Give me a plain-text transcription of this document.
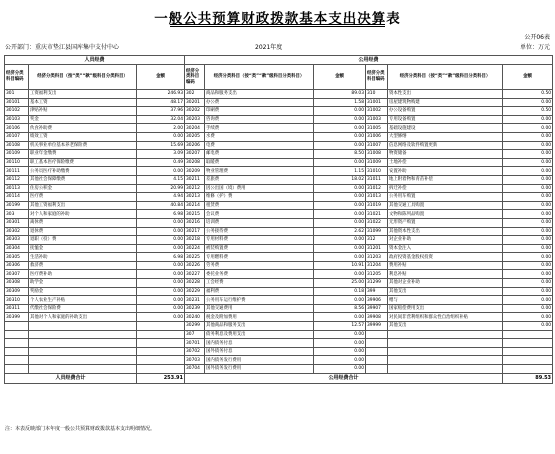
一般公共预算财政拨款基本支出决算表
公开06表
公开部门：重庆市垫江县国库集中支付中心	2021年度	单位：万元
人员经费			公用经费					
经济分类科目编码	经济分类科目（按“类”“款”级科目分类科目）	金额	经济分类科目编码	经济分类科目（按“类”“款”级科目分类科目）	金额	经济分类科目编码	经济分类科目（按“类”“款”级科目分类科目）	金额
301	工资福利支出	246.93	302	商品和服务支出	89.03	310	资本性支出	0.50
30101	基本工资	48.17	30201	办公费	1.58	31001	房屋建筑物购建	0.00
30102	津贴补贴	37.96	30202	印刷费	0.00	31002	办公设备购置	0.50
30103	奖金	32.04	30203	咨询费	0.00	31003	专用设备购置	0.00
30106	伙食补助费	2.00	30204	手续费	0.00	31005	基础设施建设	0.00
30107	绩效工资	0.00	30205	水费	0.00	31006	大型修缮	0.00
30108	机关事业单位基本养老保险费	15.69	30206	电费	0.00	31007	信息网络及软件购置更新	0.00
30109	职业年金缴费	3.09	30207	邮电费	8.50	31008	物资储备	0.00
30110	职工基本医疗保险缴费	0.49	30208	取暖费	0.00	31009	土地补偿	0.00
30111	公务员医疗补助缴费	0.00	30209	物业管理费	1.15	31010	安置补助	0.00
30112	其他社会保障缴费	4.15	30211	差旅费	18.02	31011	地上附着物和青苗补偿	0.00
30113	住房公积金	20.99	30212	因公出国（境）费用	0.00	31012	拆迁补偿	0.00
30114	医疗费	4.94	30213	维修（护）费	0.00	31013	公务用车购置	0.00
30199	其他工资福利支出	40.84	30214	租赁费	0.00	31019	其他交通工具购置	0.00
303	对个人和家庭的补助	6.98	30215	会议费	0.00	31021	文物和陈列品购置	0.00
30301	离休费	0.00	30216	培训费	0.00	31022	无形资产购置	0.00
30302	退休费	0.00	30217	公务接待费	2.62	31099	其他资本性支出	0.00
30303	退职（役）费	0.00	30218	专用材料费	0.00	312	对企业补助	0.00
30304	抚恤金	0.00	30224	被装购置费	0.00	31201	资本金注入	0.00
30305	生活补助	6.98	30225	专用燃料费	0.00	31203	政府投资基金股权投资	0.00
30306	救济费	0.00	30226	劳务费	10.91	31204	费用补贴	0.00
30307	医疗费补助	0.00	30227	委托业务费	0.00	31205	利息补贴	0.00
30308	助学金	0.00	30228	工会经费	25.00	31299	其他对企业补助	0.00
30309	奖励金	0.00	30229	福利费	0.18	399	其他支出	0.00
30310	个人农业生产补贴	0.00	30231	公务用车运行维护费	0.00	39906	赠与	0.00
30311	代缴社会保险费	0.00	30239	其他交通费用	8.56	39907	国家赔偿费用支出	0.00
30399	其他对个人和家庭的补助支出	0.00	30240	税金及附加费用	0.00	39908	对民间非营利组织和群众性自治组织补贴	0.00
			30299	其他商品和服务支出	12.57	39999	其他支出	0.00
			307	债务利息及费用支出	0.00			
			30701	国内债务付息	0.00			
			30702	国外债务付息	0.00			
			30703	国内债务发行费用	0.00			
			30704	国外债务发行费用	0.00			
人员经费合计		253.91	公用经费合计					89.53
注：本表反映部门本年度一般公共预算财政拨款基本支出明细情况。
